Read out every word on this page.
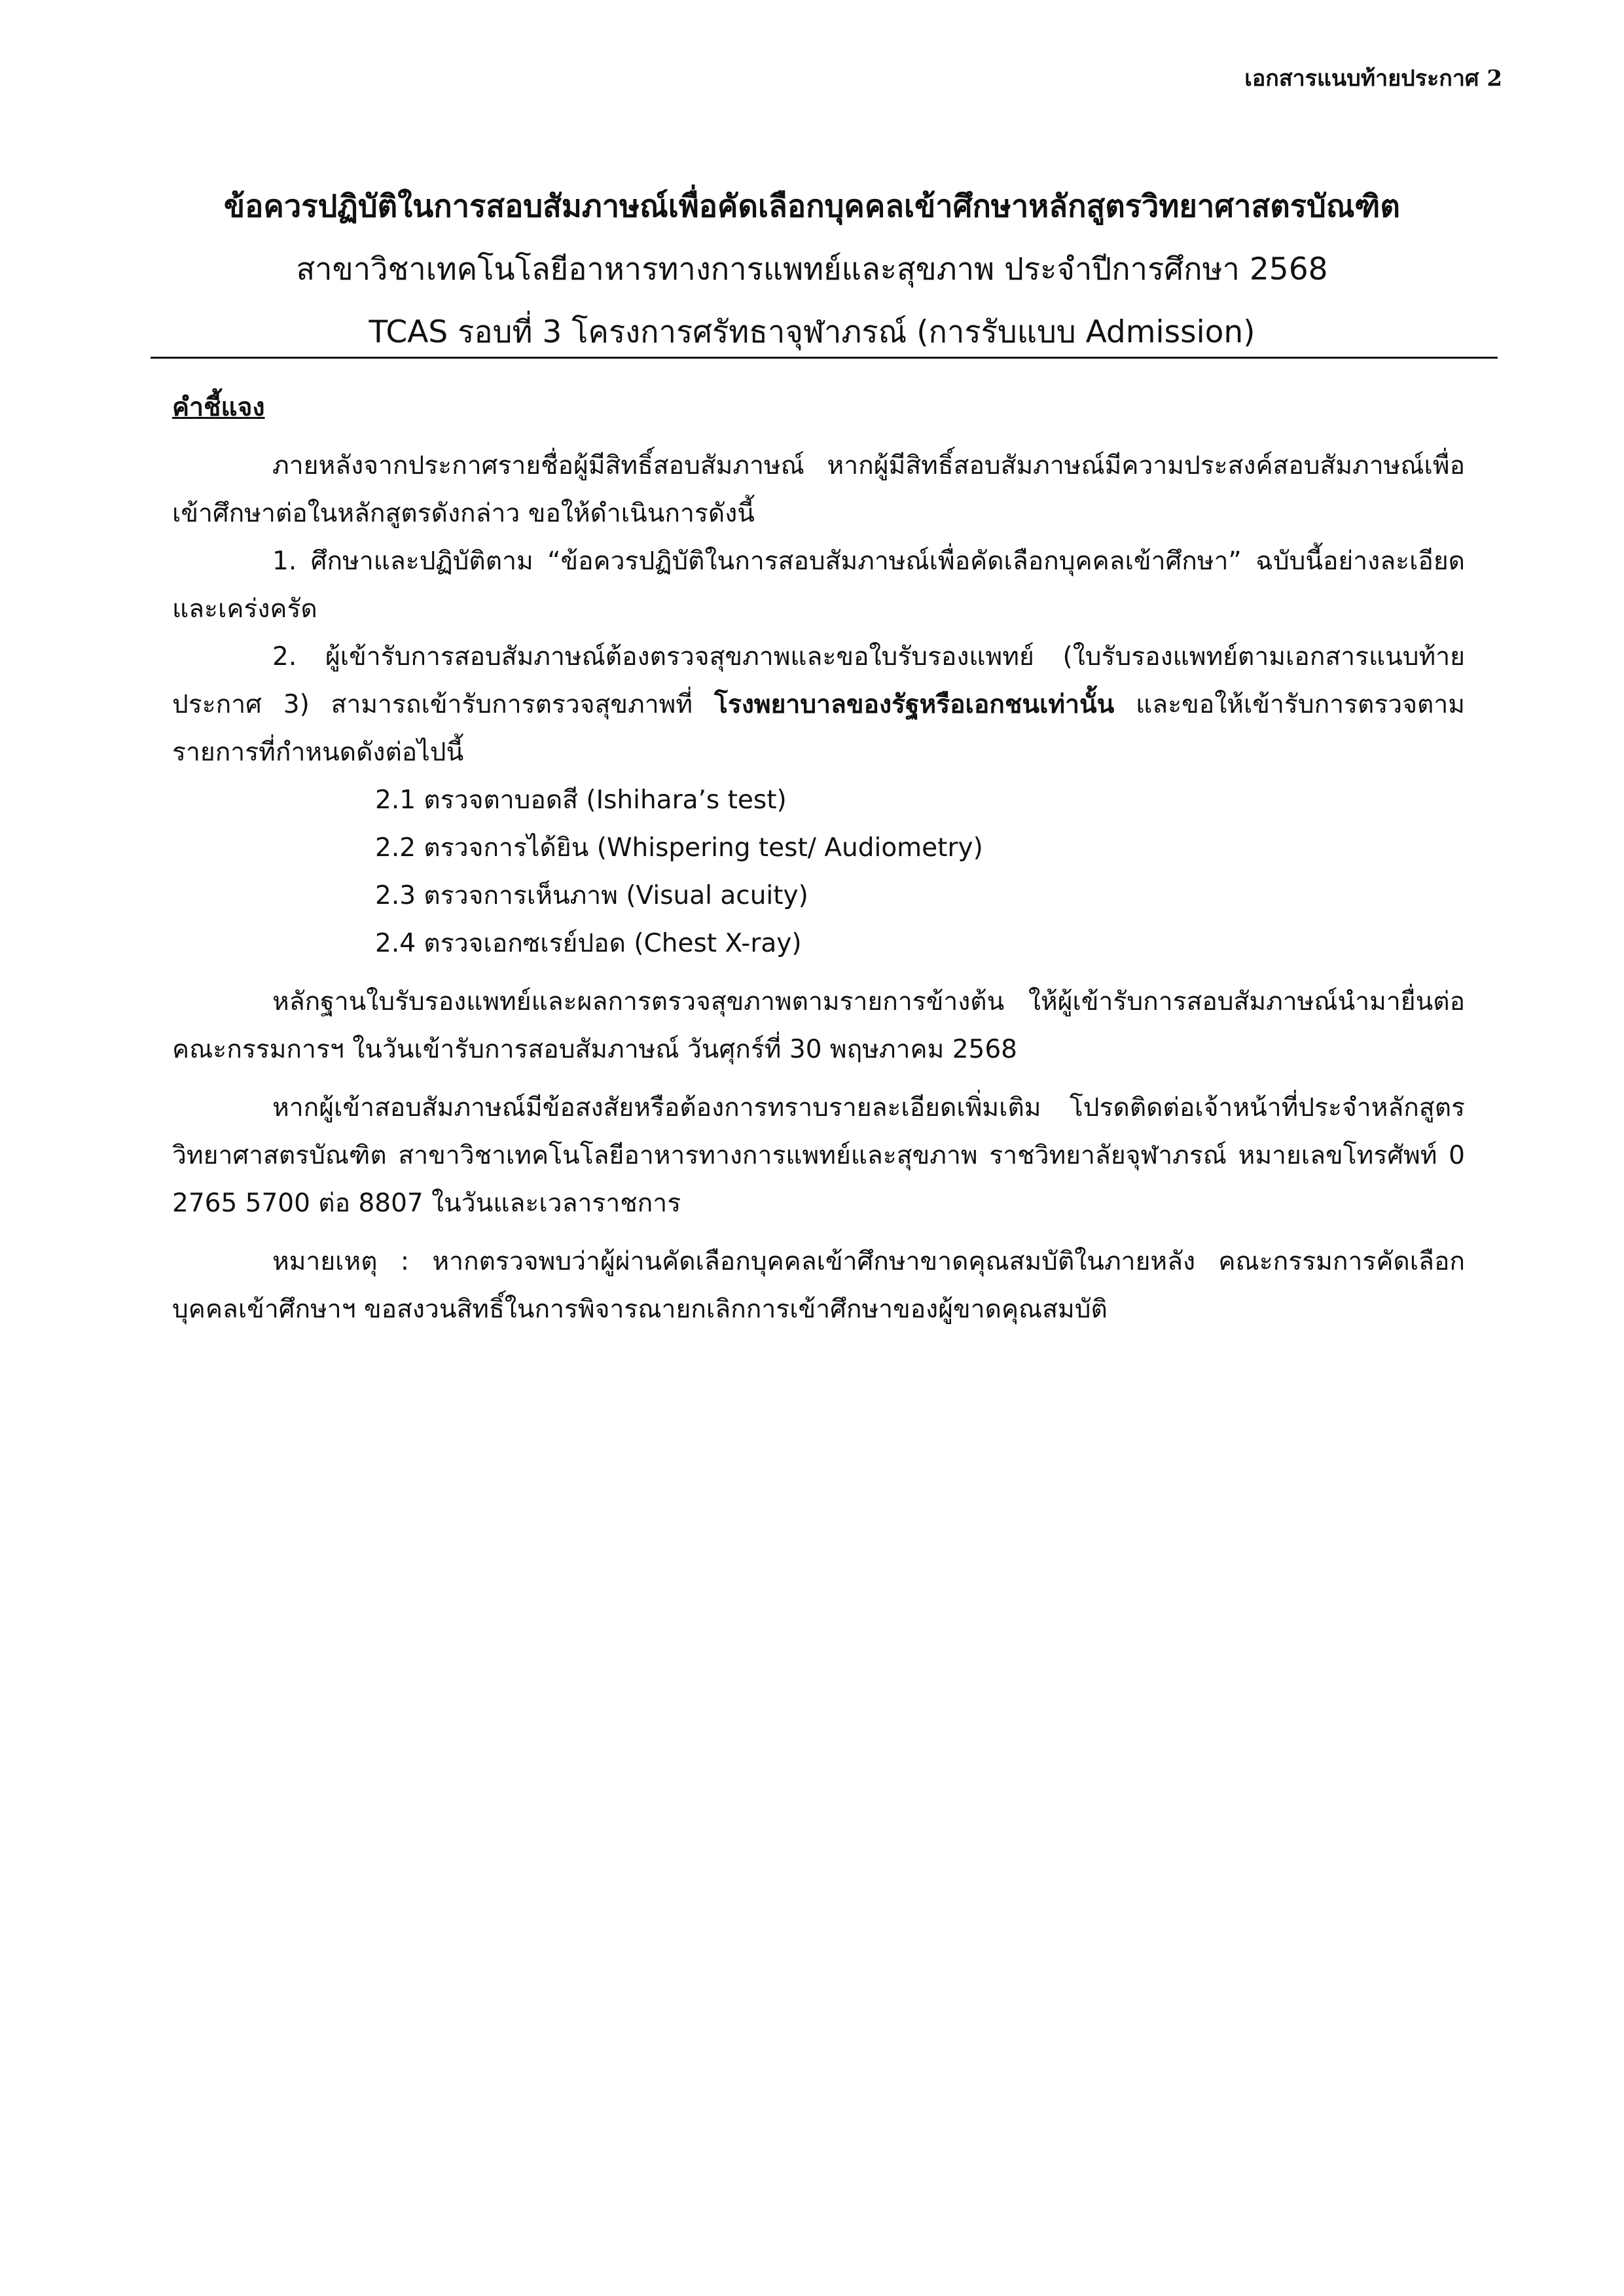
เอกสารแนบท้ายประกาศ 2
ข้อควรปฏิบัติในการสอบสัมภาษณ์เพื่อคัดเลือกบุคคลเข้าศึกษาหลักสูตรวิทยาศาสตรบัณฑิต
สาขาวิชาเทคโนโลยีอาหารทางการแพทย์และสุขภาพ ประจำปีการศึกษา 2568
TCAS รอบที่ 3 โครงการศรัทธาจุฬาภรณ์ (การรับแบบ Admission)
คำชี้แจง

ภายหลังจากประกาศรายชื่อผู้มีสิทธิ์สอบสัมภาษณ์ หากผู้มีสิทธิ์สอบสัมภาษณ์มีความประสงค์สอบสัมภาษณ์เพื่อเข้าศึกษาต่อในหลักสูตรดังกล่าว ขอให้ดำเนินการดังนี้

1. ศึกษาและปฏิบัติตาม “ข้อควรปฏิบัติในการสอบสัมภาษณ์เพื่อคัดเลือกบุคคลเข้าศึกษา” ฉบับนี้อย่างละเอียดและเคร่งครัด

2. ผู้เข้ารับการสอบสัมภาษณ์ต้องตรวจสุขภาพและขอใบรับรองแพทย์ (ใบรับรองแพทย์ตามเอกสารแนบท้ายประกาศ 3) สามารถเข้ารับการตรวจสุขภาพที่ โรงพยาบาลของรัฐหรือเอกชนเท่านั้น และขอให้เข้ารับการตรวจตามรายการที่กำหนดดังต่อไปนี้

2.1 ตรวจตาบอดสี (Ishihara’s test)
2.2 ตรวจการได้ยิน (Whispering test/ Audiometry)
2.3 ตรวจการเห็นภาพ (Visual acuity)
2.4 ตรวจเอกซเรย์ปอด (Chest X-ray)

หลักฐานใบรับรองแพทย์และผลการตรวจสุขภาพตามรายการข้างต้น ให้ผู้เข้ารับการสอบสัมภาษณ์นำมายื่นต่อคณะกรรมการฯ ในวันเข้ารับการสอบสัมภาษณ์ วันศุกร์ที่ 30 พฤษภาคม 2568

หากผู้เข้าสอบสัมภาษณ์มีข้อสงสัยหรือต้องการทราบรายละเอียดเพิ่มเติม โปรดติดต่อเจ้าหน้าที่ประจำหลักสูตรวิทยาศาสตรบัณฑิต สาขาวิชาเทคโนโลยีอาหารทางการแพทย์และสุขภาพ ราชวิทยาลัยจุฬาภรณ์ หมายเลขโทรศัพท์ 0 2765 5700 ต่อ 8807 ในวันและเวลาราชการ

หมายเหตุ : หากตรวจพบว่าผู้ผ่านคัดเลือกบุคคลเข้าศึกษาขาดคุณสมบัติในภายหลัง คณะกรรมการคัดเลือกบุคคลเข้าศึกษาฯ ขอสงวนสิทธิ์ในการพิจารณายกเลิกการเข้าศึกษาของผู้ขาดคุณสมบัติ
